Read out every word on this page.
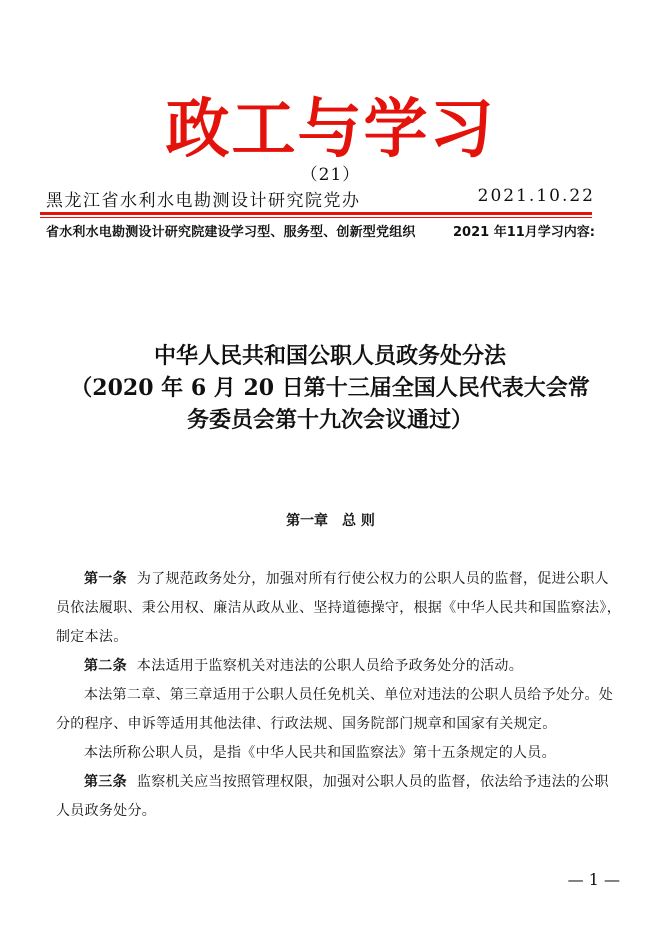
政工与学习
（21）
黑龙江省水利水电勘测设计研究院党办	2021.10.22
省水利水电勘测设计研究院建设学习型、服务型、创新型党组织	2021 年11月学习内容:
中华人民共和国公职人员政务处分法
（2020 年 6 月 20 日第十三届全国人民代表大会常
务委员会第十九次会议通过）
第一章　总 则

第一条 为了规范政务处分，加强对所有行使公权力的公职人员的监督，促进公职人员依法履职、秉公用权、廉洁从政从业、坚持道德操守，根据《中华人民共和国监察法》，制定本法。

第二条 本法适用于监察机关对违法的公职人员给予政务处分的活动。

本法第二章、第三章适用于公职人员任免机关、单位对违法的公职人员给予处分。处分的程序、申诉等适用其他法律、行政法规、国务院部门规章和国家有关规定。

本法所称公职人员，是指《中华人民共和国监察法》第十五条规定的人员。

第三条 监察机关应当按照管理权限，加强对公职人员的监督，依法给予违法的公职人员政务处分。

— 1 —
